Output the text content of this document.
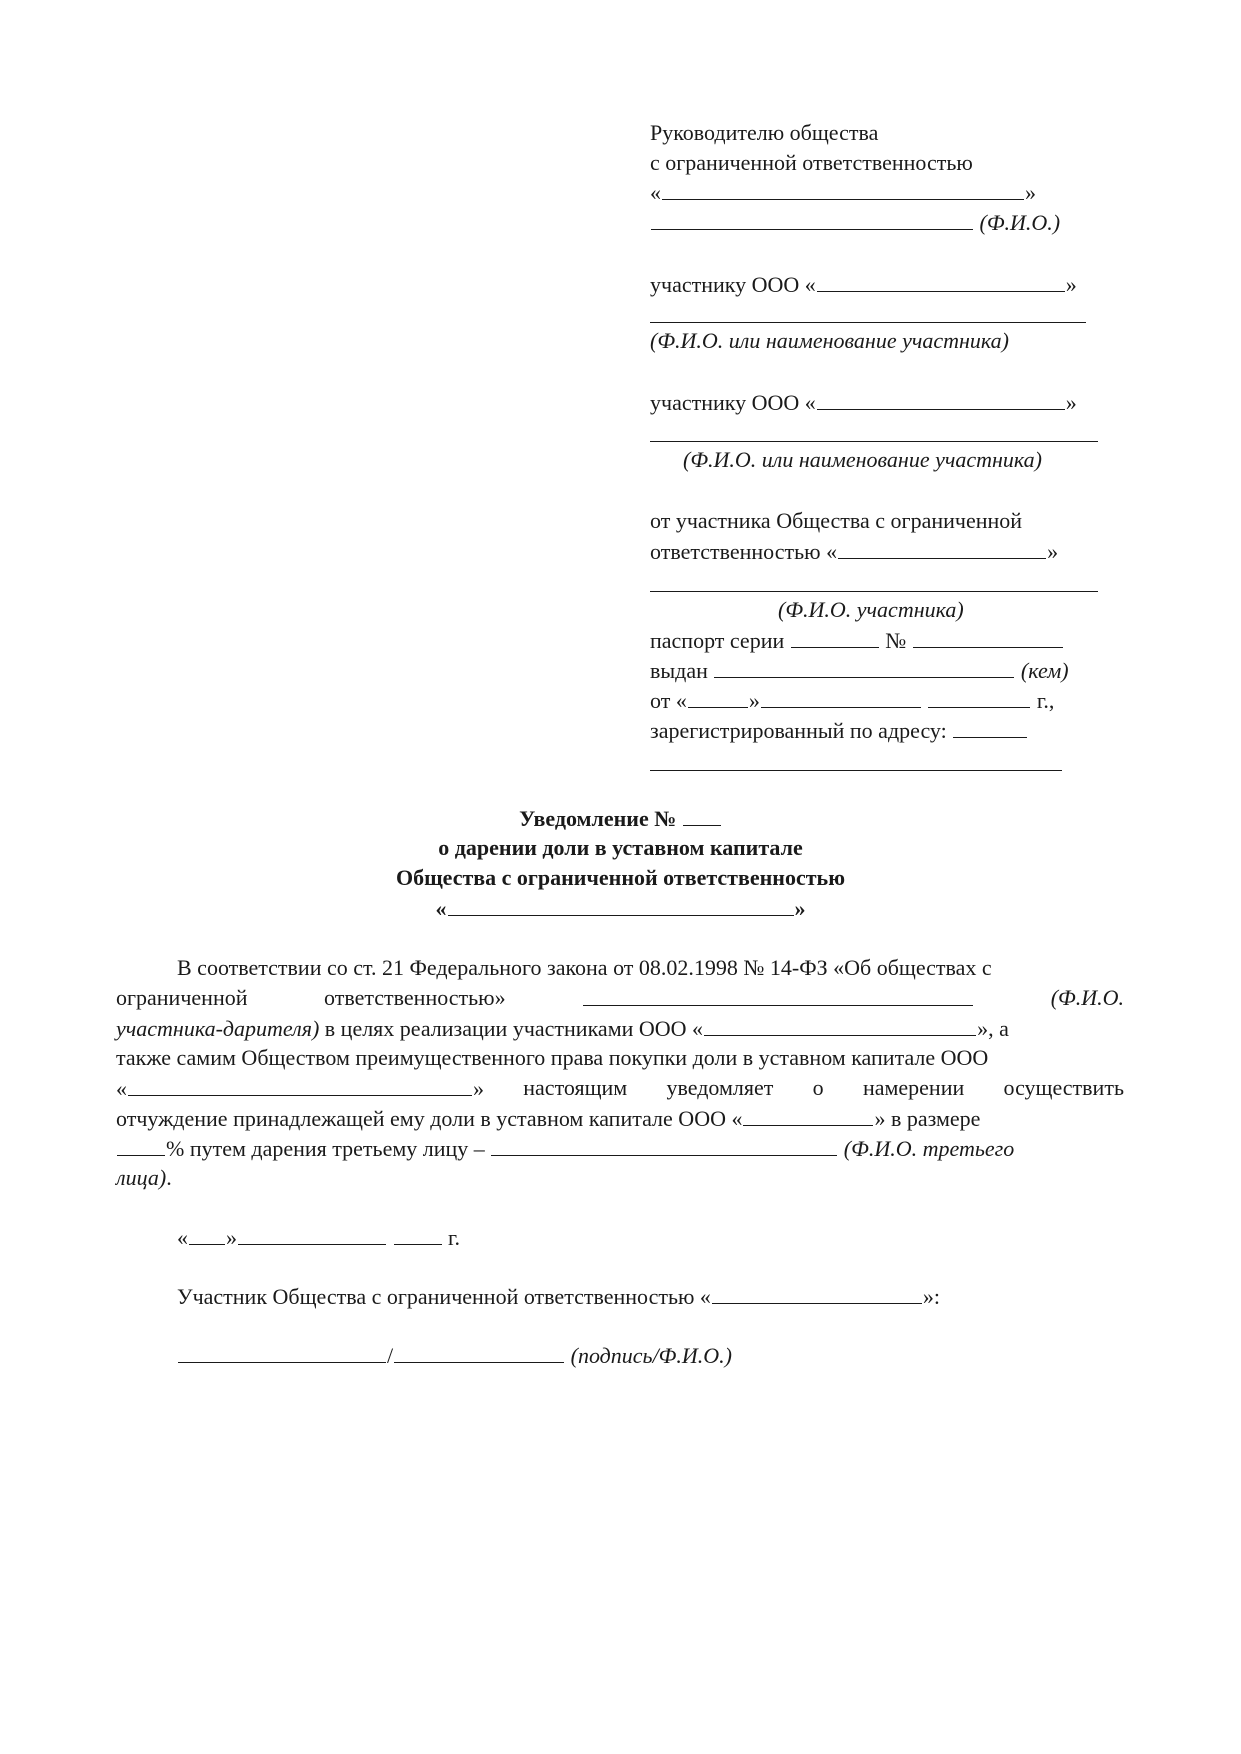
Руководителю общества
с ограниченной ответственностью
«	»
(Ф.И.О.)
участнику ООО «	»
(Ф.И.О. или наименование участника)
участнику ООО «	»
(Ф.И.О. или наименование участника)
от участника Общества с ограниченной
ответственностью «	»
(Ф.И.О. участника)
паспорт серии	№
выдан	(кем)
от «	»	г.,
зарегистрированный по адресу:
Уведомление №
о дарении доли в уставном капитале
Общества с ограниченной ответственностью
«	»
В соответствии со ст. 21 Федерального закона от 08.02.1998 № 14-ФЗ «Об обществах с
ограниченной	ответственностью»	(Ф.И.О.
участника-дарителя) в целях реализации участниками ООО «	», а
также самим Обществом преимущественного права покупки доли в уставном капитале ООО
«	» настоящим уведомляет о намерении осуществить
отчуждение принадлежащей ему доли в уставном капитале ООО «	» в размере
% путем дарения третьему лицу –	(Ф.И.О. третьего
лица).
« »	г.
Участник Общества с ограниченной ответственностью «	»:
/	(подпись/Ф.И.О.)
